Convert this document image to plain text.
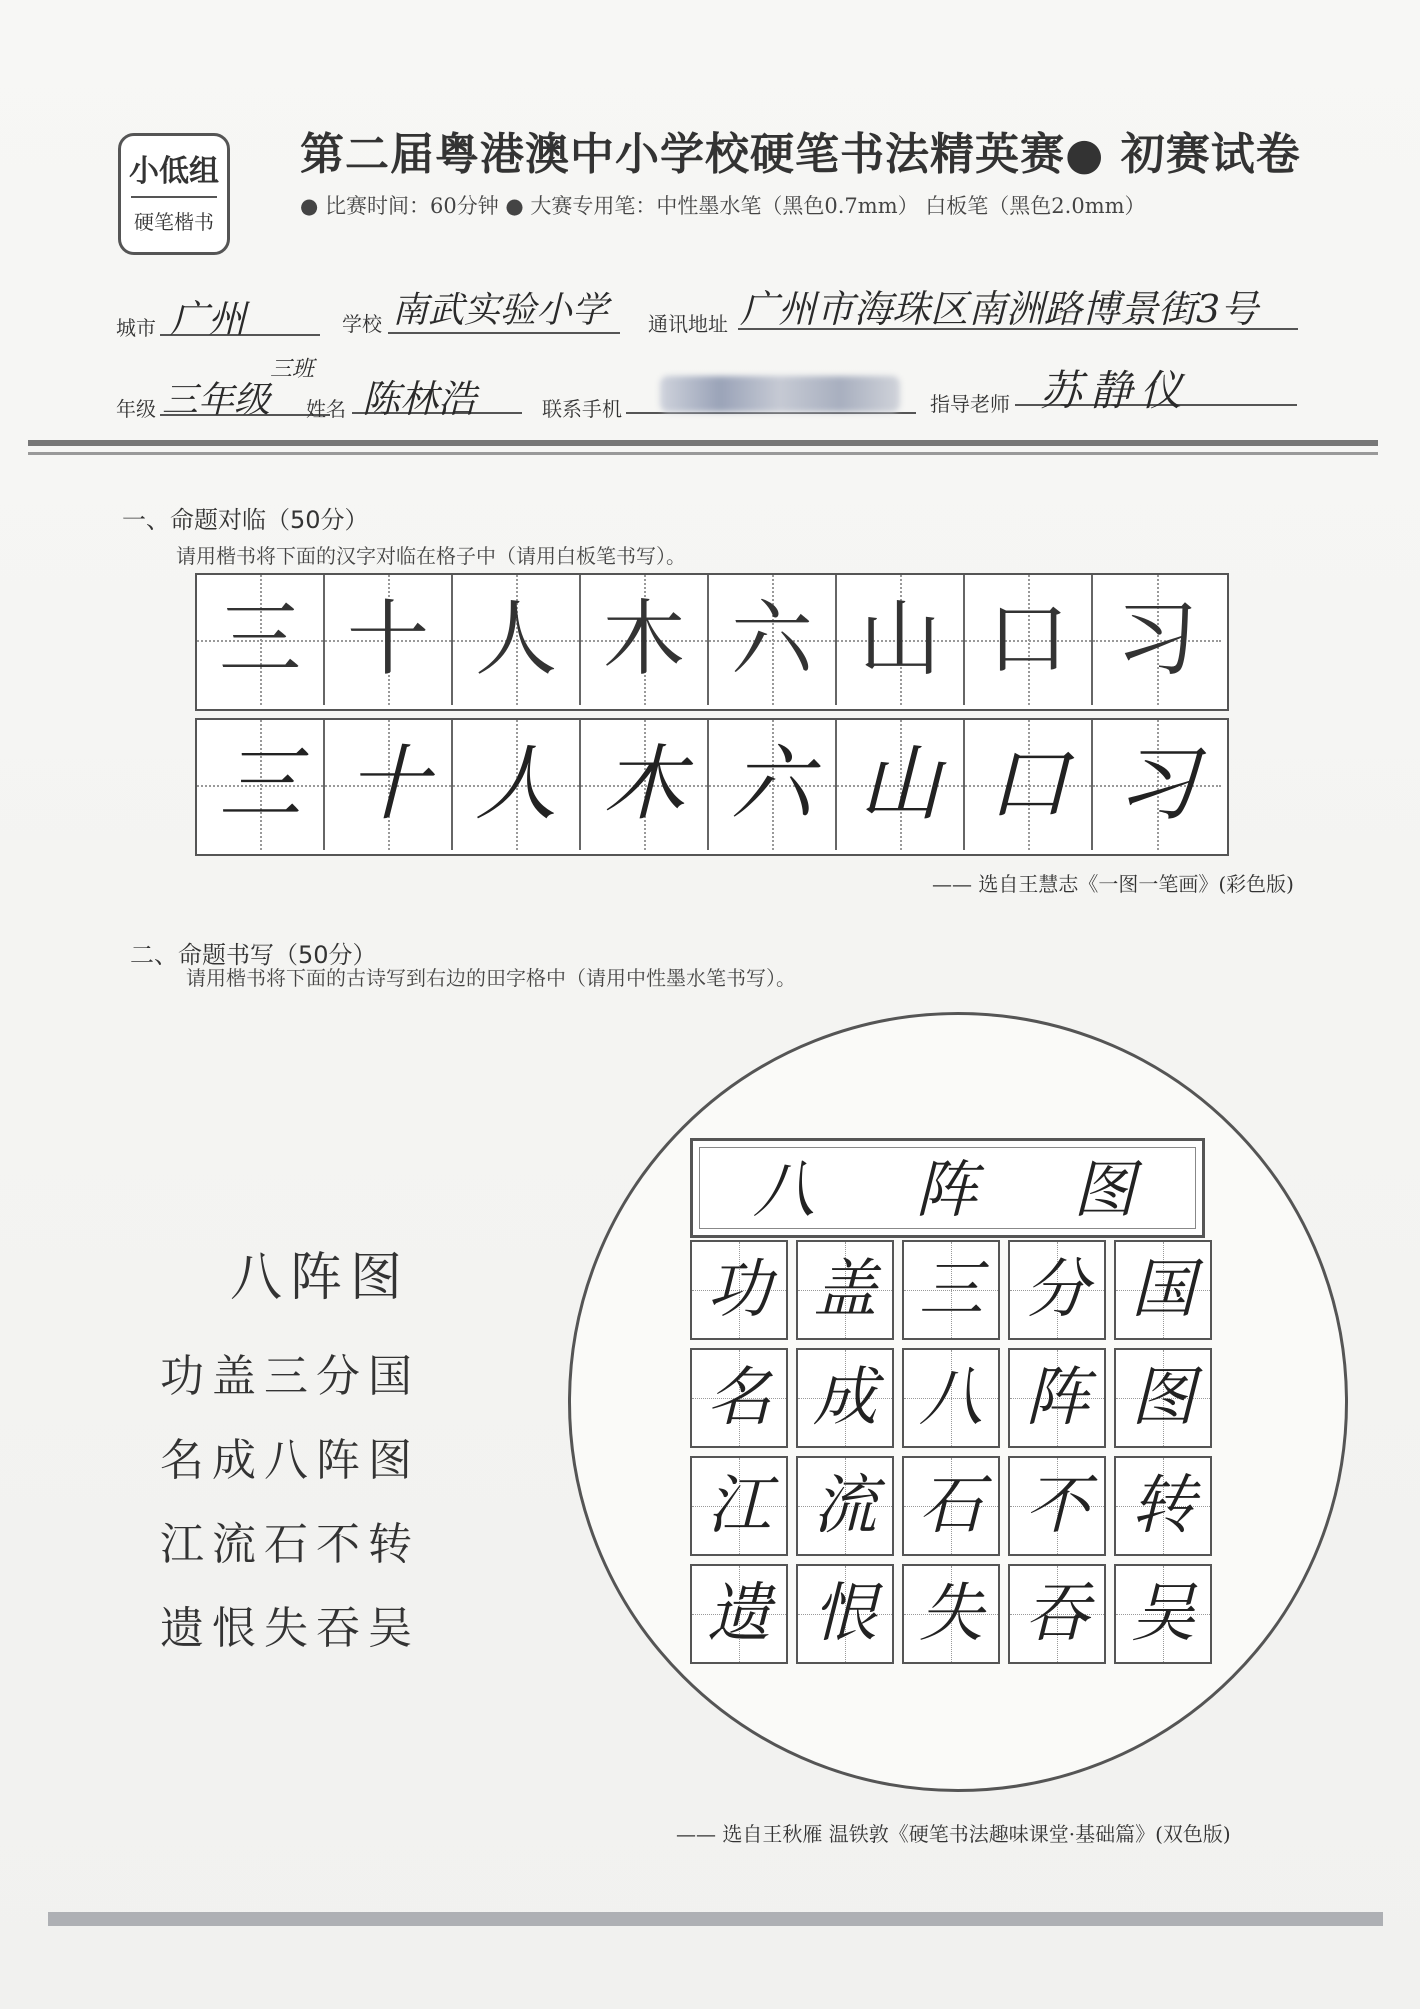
小低组
硬笔楷书
第二届粤港澳中小学校硬笔书法精英赛● 初赛试卷
● 比赛时间：60分钟 ● 大赛专用笔：中性墨水笔（黑色0.7mm） 白板笔（黑色2.0mm）
城市 广州	学校 南武实验小学 通讯地址 广州市海珠区南洲路博景街3号
年级 三年级
三班
姓名 陈林浩	联系手机	指导老师 苏静仪
一、命题对临（50分）
请用楷书将下面的汉字对临在格子中（请用白板笔书写）。
三 十 人 木 六 山 口 习
三 十 人 木 六 山 口 习
—— 选自王慧志《一图一笔画》(彩色版)
二、命题书写（50分）
请用楷书将下面的古诗写到右边的田字格中（请用中性墨水笔书写）。
八阵图
功盖三分国
名成八阵图
江流石不转
遗恨失吞吴
八 阵 图
功 盖 三 分 国
名 成 八 阵 图
江 流 石 不 转
遗 恨 失 吞 吴
—— 选自王秋雁 温铁敦《硬笔书法趣味课堂·基础篇》(双色版)
